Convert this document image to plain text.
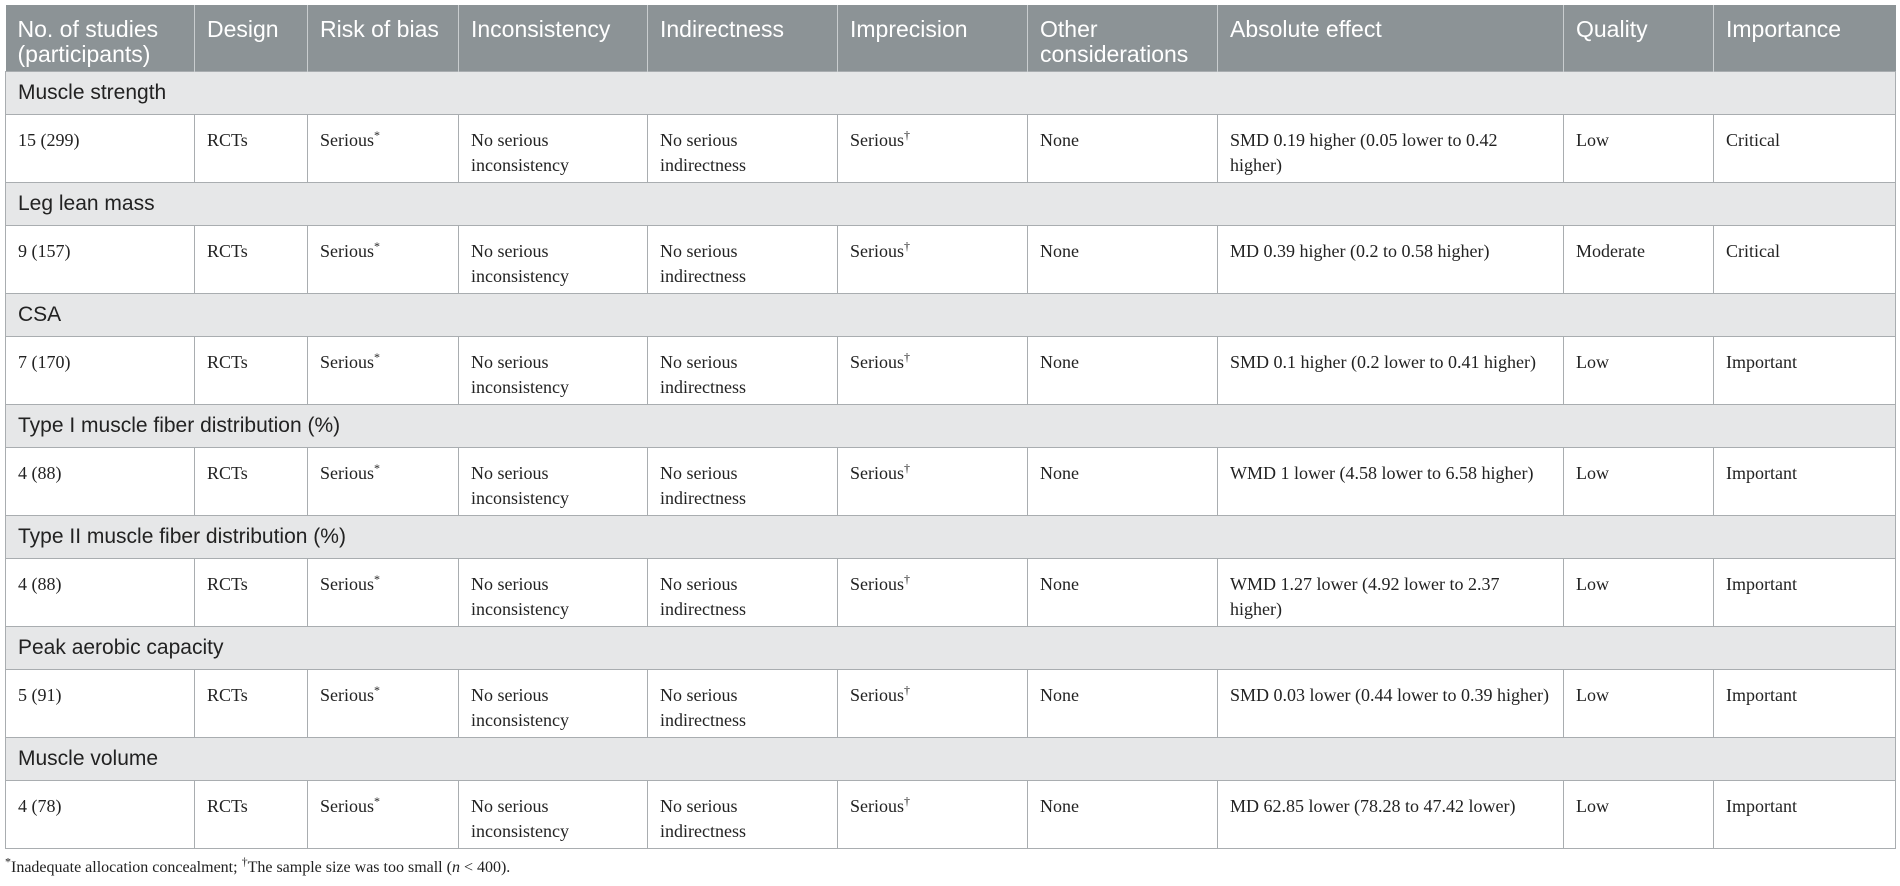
No. of studies (participants)	Design	Risk of bias	Inconsistency	Indirectness	Imprecision	Other considerations	Absolute effect	Quality	Importance
Muscle strength									
15 (299)	RCTs	Serious*	No serious inconsistency	No serious indirectness	Serious†	None	SMD 0.19 higher (0.05 lower to 0.42 higher)	Low	Critical
Leg lean mass									
9 (157)	RCTs	Serious*	No serious inconsistency	No serious indirectness	Serious†	None	MD 0.39 higher (0.2 to 0.58 higher)	Moderate	Critical
CSA									
7 (170)	RCTs	Serious*	No serious inconsistency	No serious indirectness	Serious†	None	SMD 0.1 higher (0.2 lower to 0.41 higher)	Low	Important
Type I muscle fiber distribution (%)									
4 (88)	RCTs	Serious*	No serious inconsistency	No serious indirectness	Serious†	None	WMD 1 lower (4.58 lower to 6.58 higher)	Low	Important
Type II muscle fiber distribution (%)									
4 (88)	RCTs	Serious*	No serious inconsistency	No serious indirectness	Serious†	None	WMD 1.27 lower (4.92 lower to 2.37 higher)	Low	Important
Peak aerobic capacity									
5 (91)	RCTs	Serious*	No serious inconsistency	No serious indirectness	Serious†	None	SMD 0.03 lower (0.44 lower to 0.39 higher)	Low	Important
Muscle volume									
4 (78)	RCTs	Serious*	No serious inconsistency	No serious indirectness	Serious†	None	MD 62.85 lower (78.28 to 47.42 lower)	Low	Important
*Inadequate allocation concealment; †The sample size was too small (n < 400).
